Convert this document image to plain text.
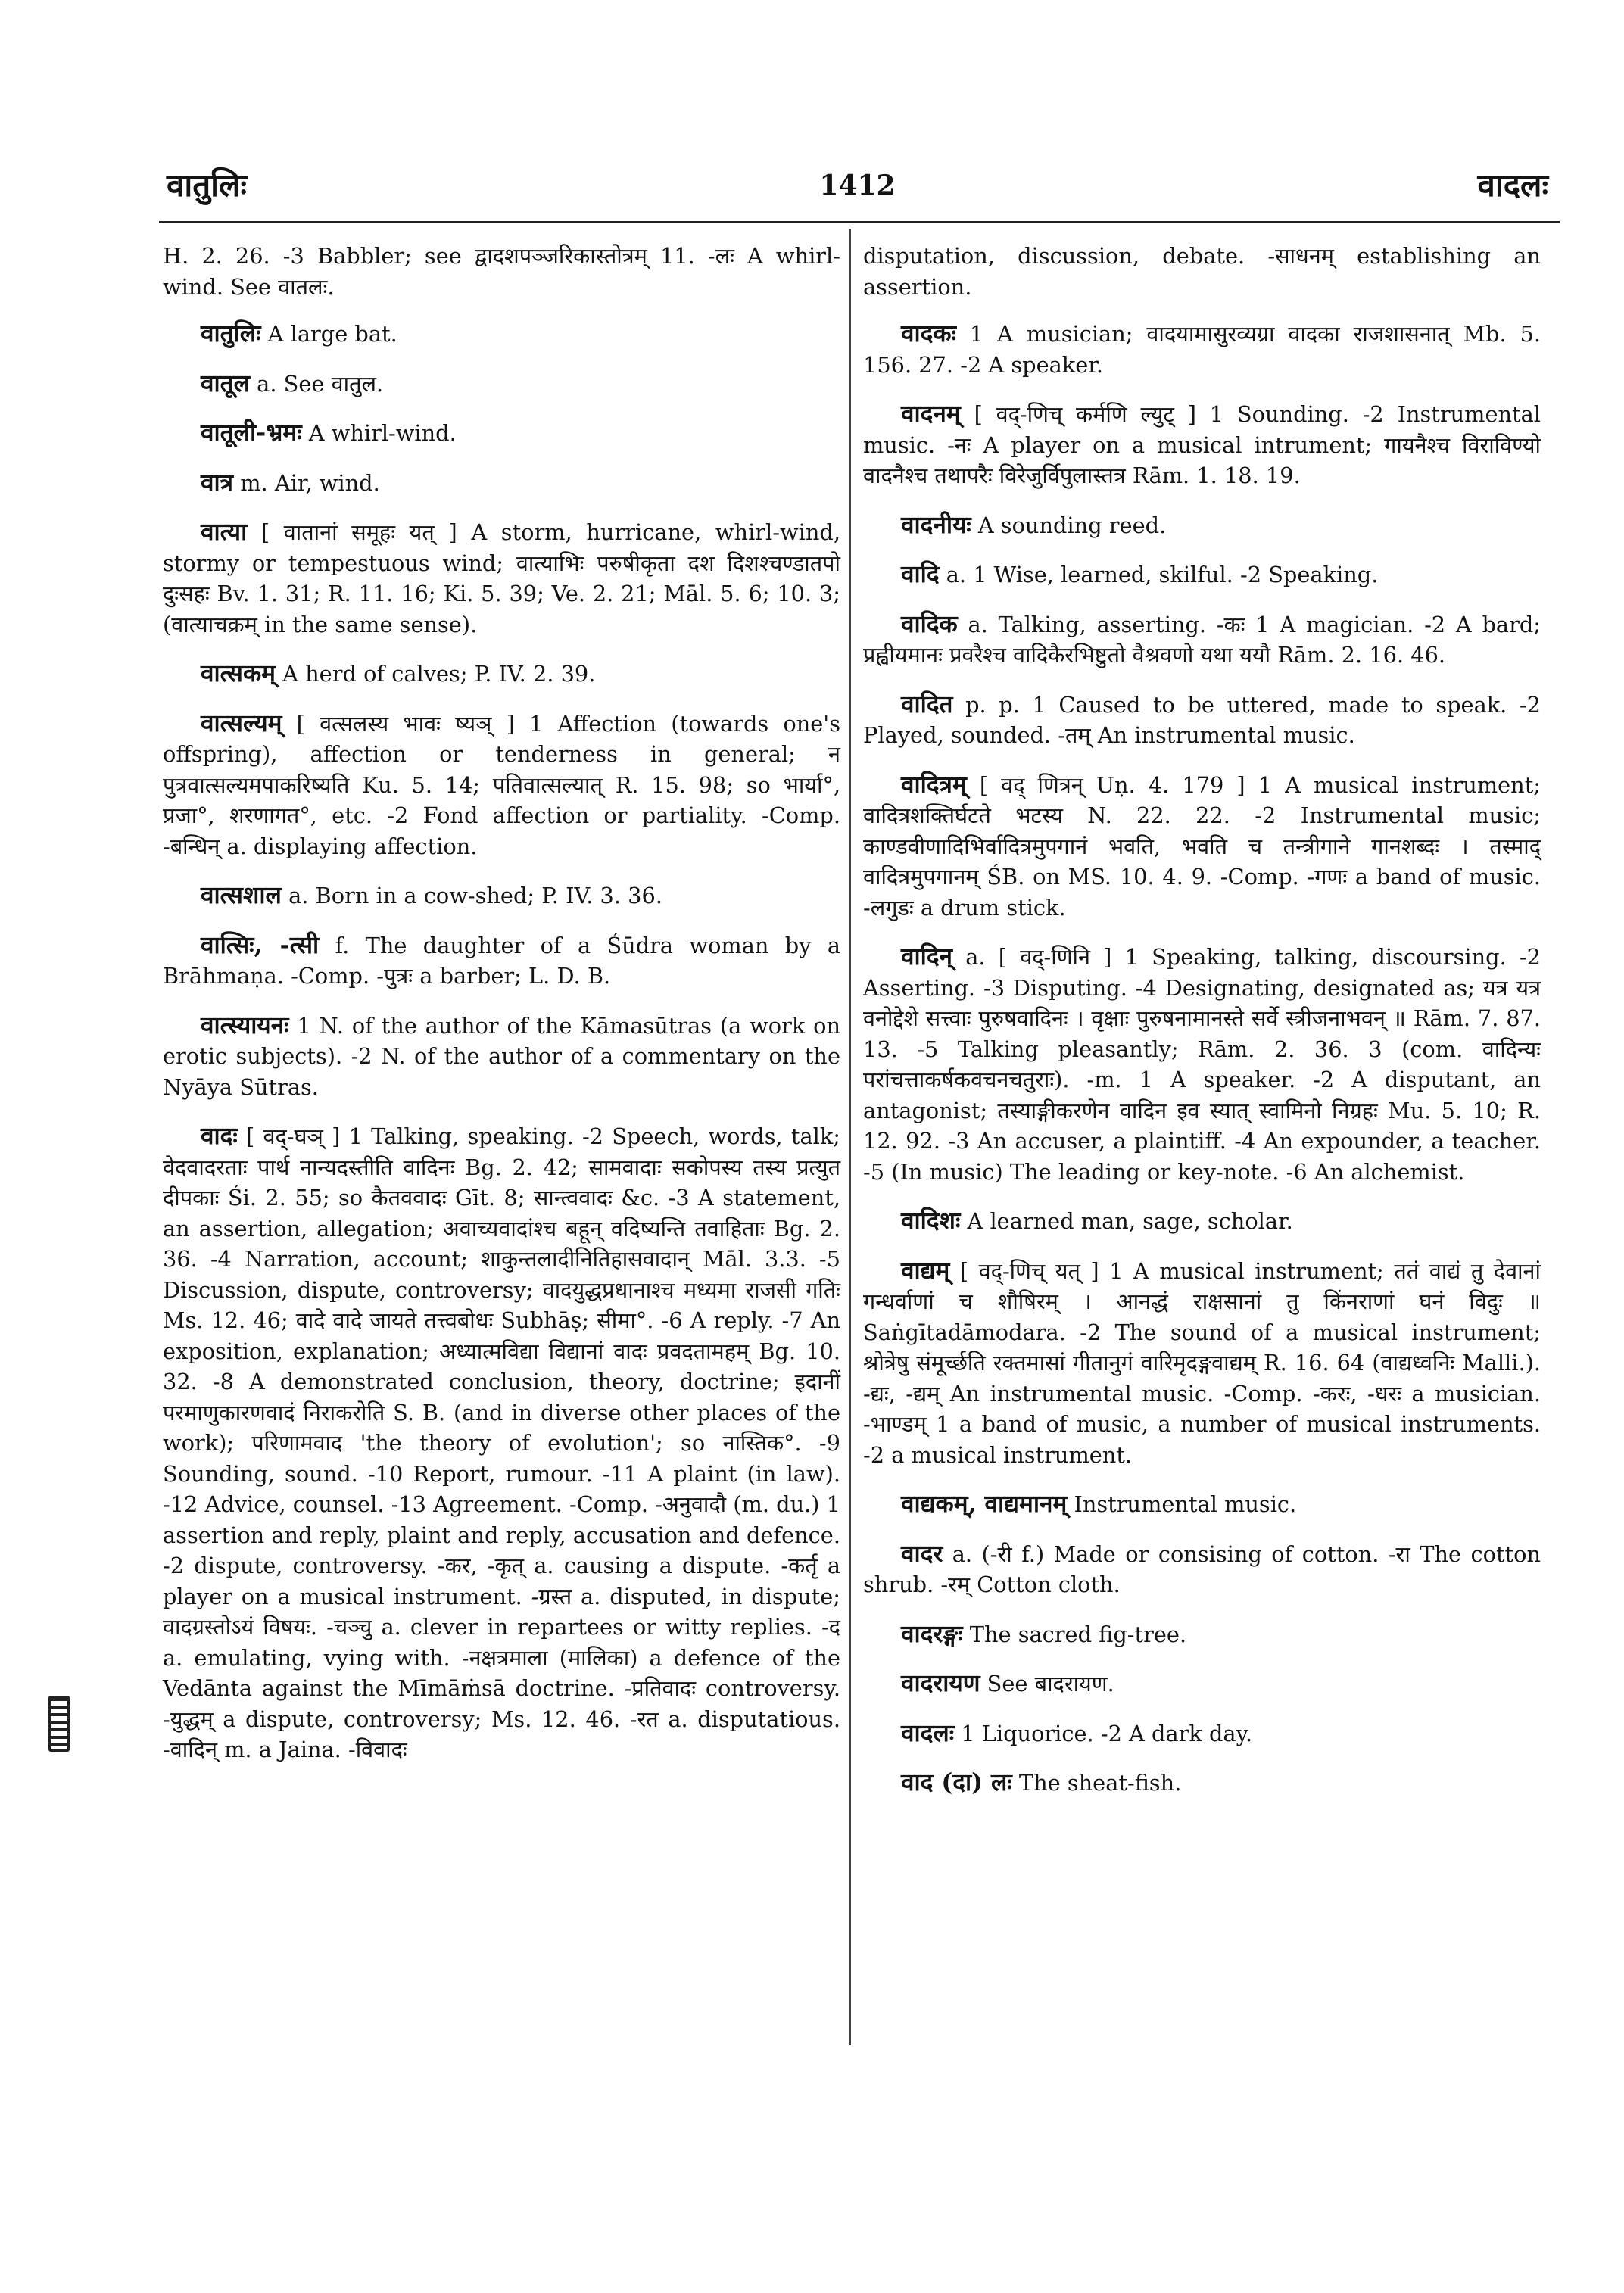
वातुलिः	1412	वादलः

H. 2. 26. -3 Babbler; see द्वादशपञ्जरिकास्तोत्रम् 11. -लः A whirl-wind. See वातलः.

वातुलिः A large bat.

वातूल a. See वातुल.

वातूली-भ्रमः A whirl-wind.

वात्र m. Air, wind.

वात्या [ वातानां समूहः यत् ] A storm, hurricane, whirl-wind, stormy or tempestuous wind; वात्याभिः परुषीकृता दश दिशश्चण्डातपो दुःसहः Bv. 1. 31; R. 11. 16; Ki. 5. 39; Ve. 2. 21; Māl. 5. 6; 10. 3; (वात्याचक्रम् in the same sense).

वात्सकम् A herd of calves; P. IV. 2. 39.

वात्सल्यम् [ वत्सलस्य भावः ष्यञ् ] 1 Affection (towards one's offspring), affection or tenderness in general; न पुत्रवात्सल्यमपाकरिष्यति Ku. 5. 14; पतिवात्सल्यात् R. 15. 98; so भार्या°, प्रजा°, शरणागत°, etc. -2 Fond affection or partiality. -Comp. -बन्धिन् a. displaying affection.

वात्सशाल a. Born in a cow-shed; P. IV. 3. 36.

वात्सिः, -त्सी f. The daughter of a Śūdra woman by a Brāhmaṇa. -Comp. -पुत्रः a barber; L. D. B.

वात्स्यायनः 1 N. of the author of the Kāmasūtras (a work on erotic subjects). -2 N. of the author of a commentary on the Nyāya Sūtras.

वादः [ वद्-घञ् ] 1 Talking, speaking. -2 Speech, words, talk; वेदवादरताः पार्थ नान्यदस्तीति वादिनः Bg. 2. 42; सामवादाः सकोपस्य तस्य प्रत्युत दीपकाः Śi. 2. 55; so कैतववादः Gīt. 8; सान्त्ववादः &c. -3 A statement, an assertion, allegation; अवाच्यवादांश्च बहून् वदिष्यन्ति तवाहिताः Bg. 2. 36. -4 Narration, account; शाकुन्तलादीनितिहासवादान् Māl. 3.3. -5 Discussion, dispute, controversy; वादयुद्धप्रधानाश्च मध्यमा राजसी गतिः Ms. 12. 46; वादे वादे जायते तत्त्वबोधः Subhāṣ; सीमा°. -6 A reply. -7 An exposition, explanation; अध्यात्मविद्या विद्यानां वादः प्रवदतामहम् Bg. 10. 32. -8 A demonstrated conclusion, theory, doctrine; इदानीं परमाणुकारणवादं निराकरोति S. B. (and in diverse other places of the work); परिणामवाद 'the theory of evolution'; so नास्तिक°. -9 Sounding, sound. -10 Report, rumour. -11 A plaint (in law). -12 Advice, counsel. -13 Agreement. -Comp. -अनुवादौ (m. du.) 1 assertion and reply, plaint and reply, accusation and defence. -2 dispute, controversy. -कर, -कृत् a. causing a dispute. -कर्तृ a player on a musical instrument. -ग्रस्त a. disputed, in dispute; वादग्रस्तोऽयं विषयः. -चञ्चु a. clever in repartees or witty replies. -द a. emulating, vying with. -नक्षत्रमाला (मालिका) a defence of the Vedānta against the Mīmāṁsā doctrine. -प्रतिवादः controversy. -युद्धम् a dispute, controversy; Ms. 12. 46. -रत a. disputatious. -वादिन् m. a Jaina. -विवादः

disputation, discussion, debate. -साधनम् establishing an assertion.

वादकः 1 A musician; वादयामासुरव्यग्रा वादका राजशासनात् Mb. 5. 156. 27. -2 A speaker.

वादनम् [ वद्-णिच् कर्मणि ल्युट् ] 1 Sounding. -2 Instrumental music. -नः A player on a musical intrument; गायनैश्च विराविण्यो वादनैश्च तथापरैः विरेजुर्विपुलास्तत्र Rām. 1. 18. 19.

वादनीयः A sounding reed.

वादि a. 1 Wise, learned, skilful. -2 Speaking.

वादिक a. Talking, asserting. -कः 1 A magician. -2 A bard; प्रह्वीयमानः प्रवरैश्च वादिकैरभिष्टुतो वैश्रवणो यथा ययौ Rām. 2. 16. 46.

वादित p. p. 1 Caused to be uttered, made to speak. -2 Played, sounded. -तम् An instrumental music.

वादित्रम् [ वद् णित्रन् Uṇ. 4. 179 ] 1 A musical instrument; वादित्रशक्तिर्घटते भटस्य N. 22. 22. -2 Instrumental music; काण्डवीणादिभिर्वादित्रमुपगानं भवति, भवति च तन्त्रीगाने गानशब्दः । तस्माद् वादित्रमुपगानम् ŚB. on MS. 10. 4. 9. -Comp. -गणः a band of music. -लगुडः a drum stick.

वादिन् a. [ वद्-णिनि ] 1 Speaking, talking, discoursing. -2 Asserting. -3 Disputing. -4 Designating, designated as; यत्र यत्र वनोद्देशे सत्त्वाः पुरुषवादिनः । वृक्षाः पुरुषनामानस्ते सर्वे स्त्रीजनाभवन् ॥ Rām. 7. 87. 13. -5 Talking pleasantly; Rām. 2. 36. 3 (com. वादिन्यः परांचत्ताकर्षकवचनचतुराः). -m. 1 A speaker. -2 A disputant, an antagonist; तस्याङ्गीकरणेन वादिन इव स्यात् स्वामिनो निग्रहः Mu. 5. 10; R. 12. 92. -3 An accuser, a plaintiff. -4 An expounder, a teacher. -5 (In music) The leading or key-note. -6 An alchemist.

वादिशः A learned man, sage, scholar.

वाद्यम् [ वद्-णिच् यत् ] 1 A musical instrument; ततं वाद्यं तु देवानां गन्धर्वाणां च शौषिरम् । आनद्धं राक्षसानां तु किंनराणां घनं विदुः ॥ Saṅgītadāmodara. -2 The sound of a musical instrument; श्रोत्रेषु संमूर्च्छति रक्तमासां गीतानुगं वारिमृदङ्गवाद्यम् R. 16. 64 (वाद्यध्वनिः Malli.). -द्यः, -द्यम् An instrumental music. -Comp. -करः, -धरः a musician. -भाण्डम् 1 a band of music, a number of musical instruments. -2 a musical instrument.

वाद्यकम्, वाद्यमानम् Instrumental music.

वादर a. (-री f.) Made or consising of cotton. -रा The cotton shrub. -रम् Cotton cloth.

वादरङ्गः The sacred fig-tree.

वादरायण See बादरायण.

वादलः 1 Liquorice. -2 A dark day.

वाद (दा) लः The sheat-fish.
